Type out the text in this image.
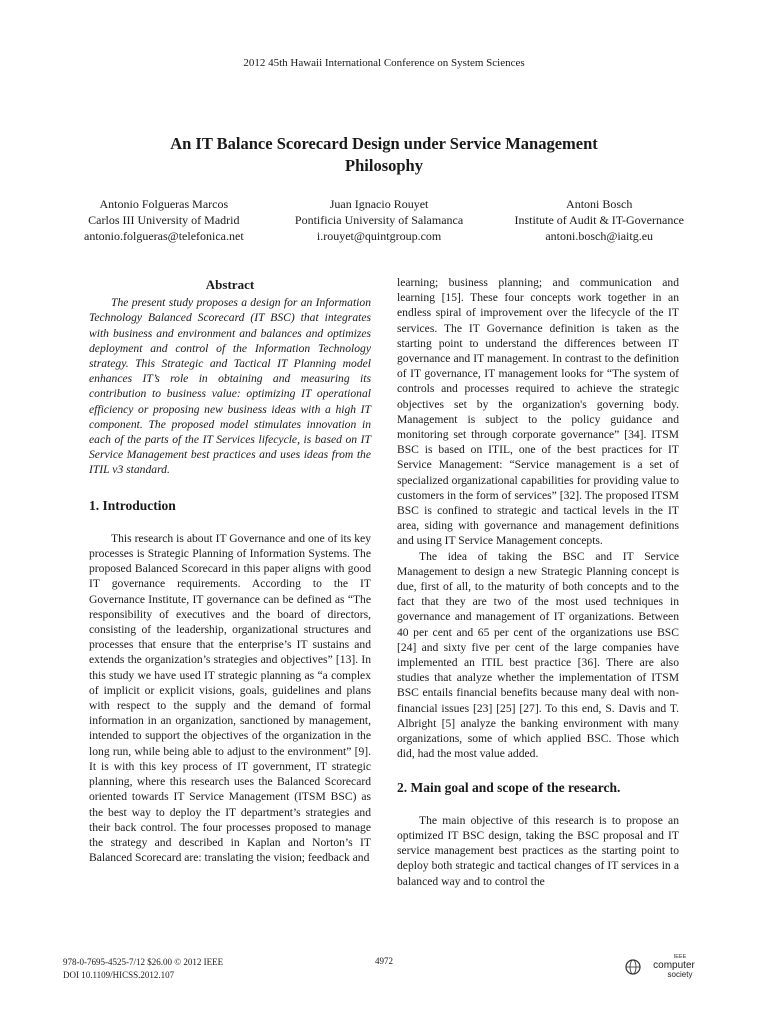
2012 45th Hawaii International Conference on System Sciences
An IT Balance Scorecard Design under Service Management
Philosophy
Antonio Folgueras Marcos
Carlos III University of Madrid
antonio.folgueras@telefonica.net
Juan Ignacio Rouyet
Pontificia University of Salamanca
i.rouyet@quintgroup.com
Antoni Bosch
Institute of Audit & IT-Governance
antoni.bosch@iaitg.eu
Abstract

The present study proposes a design for an Information Technology Balanced Scorecard (IT BSC) that integrates with business and environment and balances and optimizes deployment and control of the Information Technology strategy. This Strategic and Tactical IT Planning model enhances IT’s role in obtaining and measuring its contribution to business value: optimizing IT operational efficiency or proposing new business ideas with a high IT component. The proposed model stimulates innovation in each of the parts of the IT Services lifecycle, is based on IT Service Management best practices and uses ideas from the ITIL v3 standard.

1. Introduction

This research is about IT Governance and one of its key processes is Strategic Planning of Information Systems. The proposed Balanced Scorecard in this paper aligns with good IT governance requirements. According to the IT Governance Institute, IT governance can be defined as “The responsibility of executives and the board of directors, consisting of the leadership, organizational structures and processes that ensure that the enterprise’s IT sustains and extends the organization’s strategies and objectives” [13]. In this study we have used IT strategic planning as “a complex of implicit or explicit visions, goals, guidelines and plans with respect to the supply and the demand of formal information in an organization, sanctioned by management, intended to support the objectives of the organization in the long run, while being able to adjust to the environment” [9]. It is with this key process of IT government, IT strategic planning, where this research uses the Balanced Scorecard oriented towards IT Service Management (ITSM BSC) as the best way to deploy the IT department’s strategies and their back control. The four processes proposed to manage the strategy and described in Kaplan and Norton’s IT Balanced Scorecard are: translating the vision; feedback and

learning; business planning; and communication and learning [15]. These four concepts work together in an endless spiral of improvement over the lifecycle of the IT services. The IT Governance definition is taken as the starting point to understand the differences between IT governance and IT management. In contrast to the definition of IT governance, IT management looks for “The system of controls and processes required to achieve the strategic objectives set by the organization's governing body. Management is subject to the policy guidance and monitoring set through corporate governance” [34]. ITSM BSC is based on ITIL, one of the best practices for IT Service Management: “Service management is a set of specialized organizational capabilities for providing value to customers in the form of services” [32]. The proposed ITSM BSC is confined to strategic and tactical levels in the IT area, siding with governance and management definitions and using IT Service Management concepts.

The idea of taking the BSC and IT Service Management to design a new Strategic Planning concept is due, first of all, to the maturity of both concepts and to the fact that they are two of the most used techniques in governance and management of IT organizations. Between 40 per cent and 65 per cent of the organizations use BSC [24] and sixty five per cent of the large companies have implemented an ITIL best practice [36]. There are also studies that analyze whether the implementation of ITSM BSC entails financial benefits because many deal with non-financial issues [23] [25] [27]. To this end, S. Davis and T. Albright [5] analyze the banking environment with many organizations, some of which applied BSC. Those which did, had the most value added.

2. Main goal and scope of the research.

The main objective of this research is to propose an optimized IT BSC design, taking the BSC proposal and IT service management best practices as the starting point to deploy both strategic and tactical changes of IT services in a balanced way and to control the

978-0-7695-4525-7/12 $26.00 © 2012 IEEE
DOI 10.1109/HICSS.2012.107
4972	IEEE
computer
society
